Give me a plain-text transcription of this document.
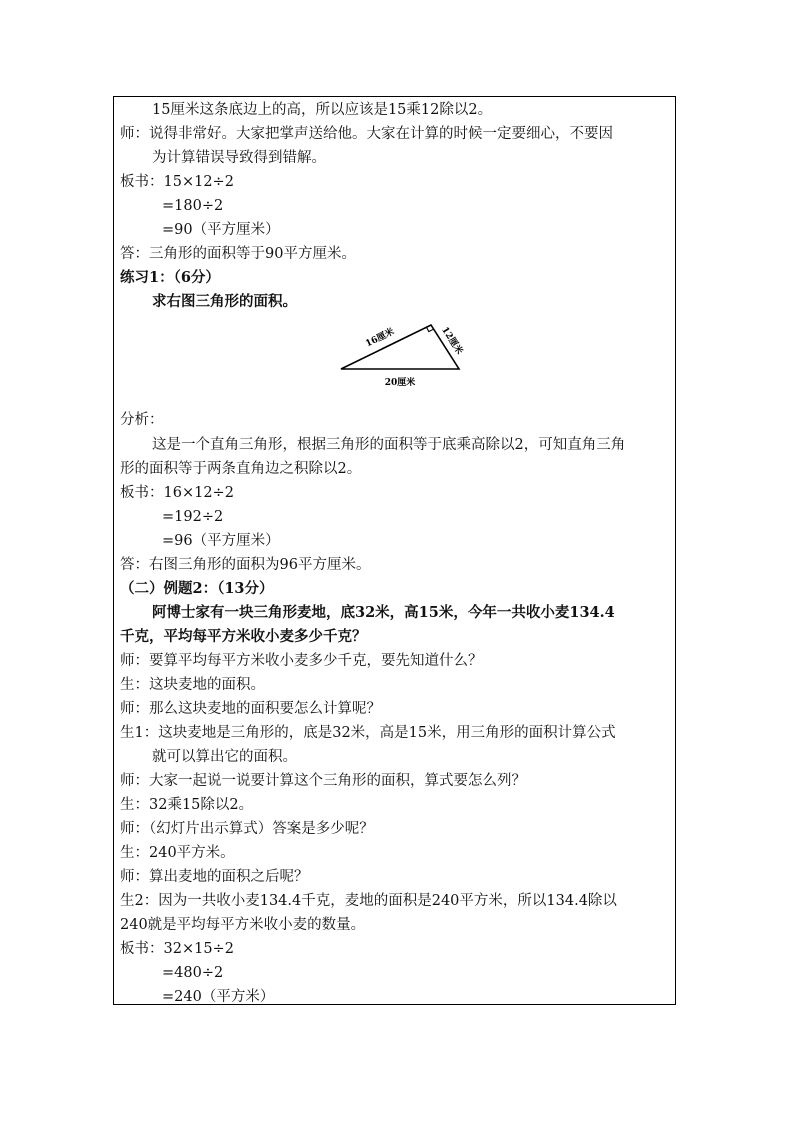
15厘米这条底边上的高，所以应该是15乘12除以2。
师：说得非常好。大家把掌声送给他。大家在计算的时候一定要细心，不要因
为计算错误导致得到错解。
板书：15×12÷2
=180÷2
=90（平方厘米）
答：三角形的面积等于90平方厘米。
练习1：（6分）
求右图三角形的面积。
分析：
这是一个直角三角形，根据三角形的面积等于底乘高除以2，可知直角三角
形的面积等于两条直角边之积除以2。
板书：16×12÷2
=192÷2
=96（平方厘米）
答：右图三角形的面积为96平方厘米。
（二）例题2：（13分）
阿博士家有一块三角形麦地，底32米，高15米，今年一共收小麦134.4
千克，平均每平方米收小麦多少千克？
师：要算平均每平方米收小麦多少千克，要先知道什么？
生：这块麦地的面积。
师：那么这块麦地的面积要怎么计算呢？
生1：这块麦地是三角形的，底是32米，高是15米，用三角形的面积计算公式
就可以算出它的面积。
师：大家一起说一说要计算这个三角形的面积，算式要怎么列？
生：32乘15除以2。
师：（幻灯片出示算式）答案是多少呢？
生：240平方米。
师：算出麦地的面积之后呢？
生2：因为一共收小麦134.4千克，麦地的面积是240平方米，所以134.4除以
240就是平均每平方米收小麦的数量。
板书：32×15÷2
=480÷2
=240（平方米）
16厘米	12厘米
20厘米
